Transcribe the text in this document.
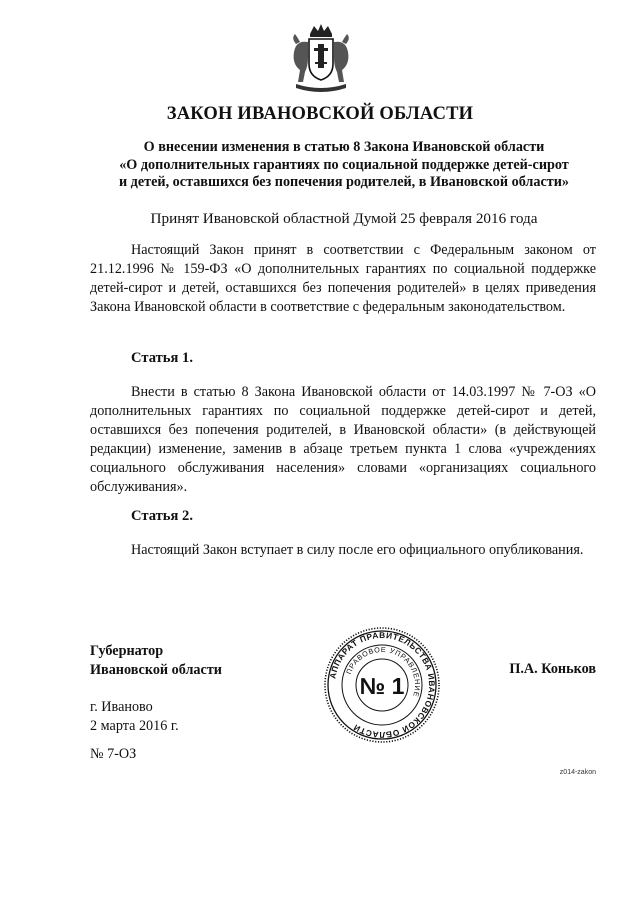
ЗАКОН ИВАНОВСКОЙ ОБЛАСТИ
О внесении изменения в статью 8 Закона Ивановской области
«О дополнительных гарантиях по социальной поддержке детей-сирот
и детей, оставшихся без попечения родителей, в Ивановской области»
Принят Ивановской областной Думой 25 февраля 2016 года

Настоящий Закон принят в соответствии с Федеральным законом от 21.12.1996 № 159-ФЗ «О дополнительных гарантиях по социальной поддержке детей-сирот и детей, оставшихся без попечения родителей» в целях приведения Закона Ивановской области в соответствие с федеральным законодательством.

Статья 1.

Внести в статью 8 Закона Ивановской области от 14.03.1997 № 7-ОЗ «О дополнительных гарантиях по социальной поддержке детей-сирот и детей, оставшихся без попечения родителей, в Ивановской области» (в действующей редакции) изменение, заменив в абзаце третьем пункта 1 слова «учреждениях социального обслуживания населения» словами «организациях социального обслуживания».

Статья 2.

Настоящий Закон вступает в силу после его официального опубликования.

Губернатор
Ивановской области	АППАРАТ ПРАВИТЕЛЬСТВА ИВАНОВСКОЙ ОБЛАСТИ
ПРАВОВОЕ УПРАВЛЕНИЕ
№ 1
П.А. Коньков
г. Иваново
2 марта 2016 г.
№ 7-ОЗ
z014-zakon
